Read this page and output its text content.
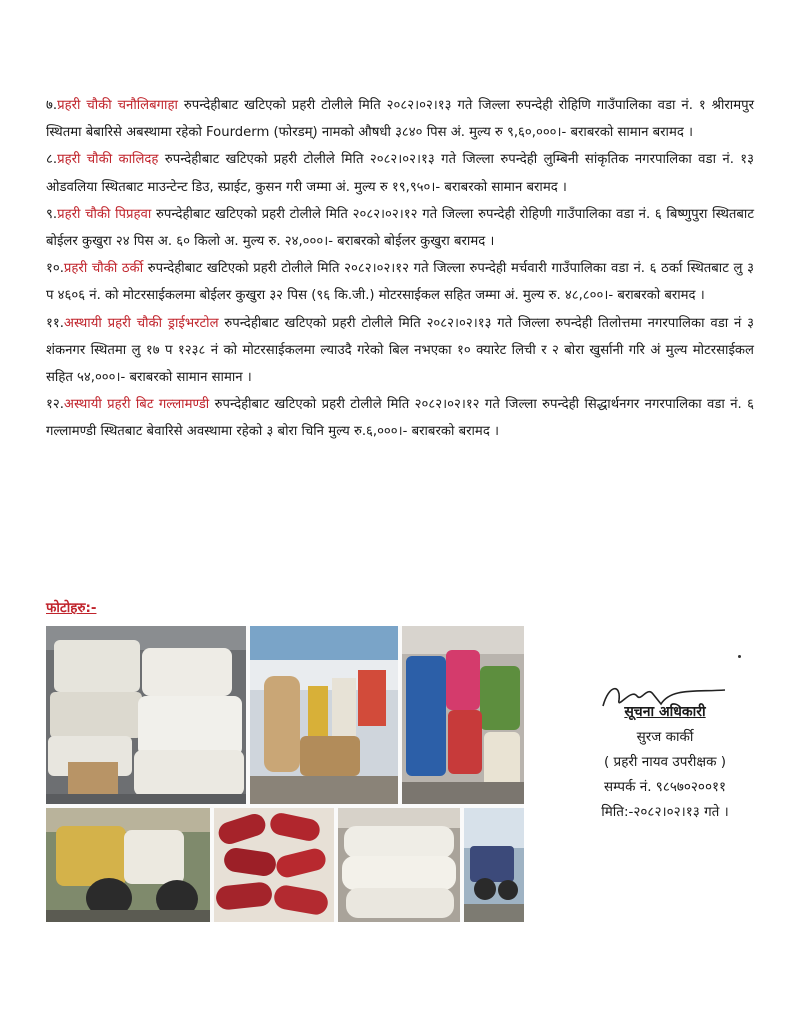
७.प्रहरी चौकी चनौलिबगाहा रुपन्देहीबाट खटिएको प्रहरी टोलीले मिति २०८२।०२।१३ गते जिल्ला रुपन्देही रोहिणि गाउँपालिका वडा नं. १ श्रीरामपुर स्थितमा बेबारिसे अबस्थामा रहेको Fourderm (फोरडम्) नामको औषधी ३८४० पिस अं. मुल्य रु ९,६०,०००।- बराबरको सामान बरामद ।

८.प्रहरी चौकी कालिदह रुपन्देहीबाट खटिएको प्रहरी टोलीले मिति २०८२।०२।१३ गते जिल्ला रुपन्देही लुम्बिनी सांकृतिक नगरपालिका वडा नं. १३ ओडवलिया स्थितबाट माउन्टेन्ट डिउ, स्प्राईट, कुसन गरी जम्मा अं. मुल्य रु १९,९५०।- बराबरको सामान बरामद ।

९.प्रहरी चौकी पिप्रहवा रुपन्देहीबाट खटिएको प्रहरी टोलीले मिति २०८२।०२।१२ गते जिल्ला रुपन्देही रोहिणी गाउँपालिका वडा नं. ६ बिष्णुपुरा स्थितबाट बोईलर कुखुरा २४ पिस अ. ६० किलो अ. मुल्य रु. २४,०००।- बराबरको बोईलर कुखुरा बरामद ।

१०.प्रहरी चौकी ठर्की रुपन्देहीबाट खटिएको प्रहरी टोलीले मिति २०८२।०२।१२ गते जिल्ला रुपन्देही मर्चवारी गाउँपालिका वडा नं. ६ ठर्का स्थितबाट लु ३ प ४६०६ नं. को मोटरसाईकलमा बोईलर कुखुरा ३२ पिस (९६ कि.जी.) मोटरसाईकल सहित जम्मा अं. मुल्य रु. ४८,८००।- बराबरको बरामद ।

११.अस्थायी प्रहरी चौकी ड्राईभरटोल रुपन्देहीबाट खटिएको प्रहरी टोलीले मिति २०८२।०२।१३ गते जिल्ला रुपन्देही तिलोत्तमा नगरपालिका वडा नं ३ शंकनगर स्थितमा लु १७ प १२३८ नं को मोटरसाईकलमा ल्याउदै गरेको बिल नभएका १० क्यारेट लिची र २ बोरा खुर्सानी गरि अं मुल्य मोटरसाईकल सहित ५४,०००।- बराबरको सामान सामान ।

१२.अस्थायी प्रहरी बिट गल्लामण्डी रुपन्देहीबाट खटिएको प्रहरी टोलीले मिति २०८२।०२।१२ गते जिल्ला रुपन्देही सिद्धार्थनगर नगरपालिका वडा नं. ६ गल्लामण्डी स्थितबाट बेवारिसे अवस्थामा रहेको ३ बोरा चिनि मुल्य रु.६,०००।- बराबरको बरामद ।

फोटोहरु:-
सूचना अधिकारी
सुरज कार्की
( प्रहरी नायव उपरीक्षक )
सम्पर्क नं. ९८५७०२००११
मिति:-२०८२।०२।१३ गते ।
